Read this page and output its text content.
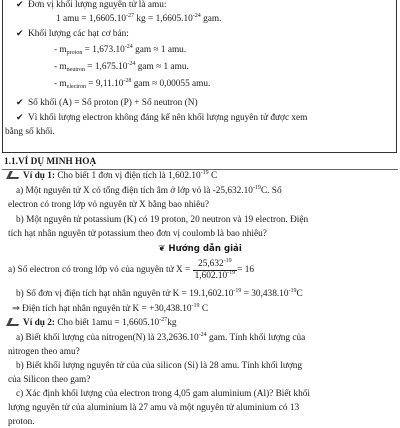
✔ Đơn vị khối lượng nguyên tử là amu:
1 amu = $1,6605.10^{-27}$ kg = $1,6605.10^{-24}$ gam.
✔ Khối lượng các hạt cơ bản:
- $m_{proton} = 1,673.10^{-24}$ gam ≈ 1 amu.
- $m_{neutron} = 1,675.10^{-24}$ gam ≈ 1 amu.
- $m_{electron} = 9,11.10^{-28}$ gam ≈ 0,00055 amu.
✔ Số khối (A) = Số proton (P) + Số neutron (N)
✔ Vì khối lượng electron không đáng kể nên khối lượng nguyên tử được xem
bằng số khối.
1.1.VÍ DỤ MINH HOẠ
Ví dụ 1: Cho biết 1 đơn vị điện tích là $1,602.10^{-19}$ C
a) Một nguyên tử X có tổng điện tích âm ở lớp vỏ là $-25,632.10^{-19}C$. Số
electron có trong lớp vỏ nguyên tử X bằng bao nhiêu?
b) Một nguyên tử potassium (K) có 19 proton, 20 neutron và 19 electron. Điện
tích hạt nhân nguyên tử potassium theo đơn vị coulomb là bao nhiêu?
❦ Hướng dẫn giải
a) Số electron có trong lớp vỏ của nguyên tử $X = \frac{25,632^{-19}}{1,602.10^{-19}} = 16$
b) Số đơn vị điện tích hạt nhân nguyên tử $K = 19.1,602.10^{-19} = 30,438.10^{-19}C$
⇒ Điện tích hạt nhân nguyên tử $K = +30,438.10^{-19}$ C
Ví dụ 2: Cho biết $1amu = 1,6605.10^{-27}kg$
a) Biết khối lượng của nitrogen(N) là $23,2636.10^{-24}$ gam. Tính khối lượng của
nitrogen theo amu?
b) Biết khối lượng nguyên tử của của silicon (Si) là 28 amu. Tính khối lượng
của Silicon theo gam?
c) Xác định khối lượng của electron trong 4,05 gam aluminium (Al)? Biết khối
lượng nguyên tử của aluminium là 27 amu và một nguyên tử aluminium có 13
proton.
